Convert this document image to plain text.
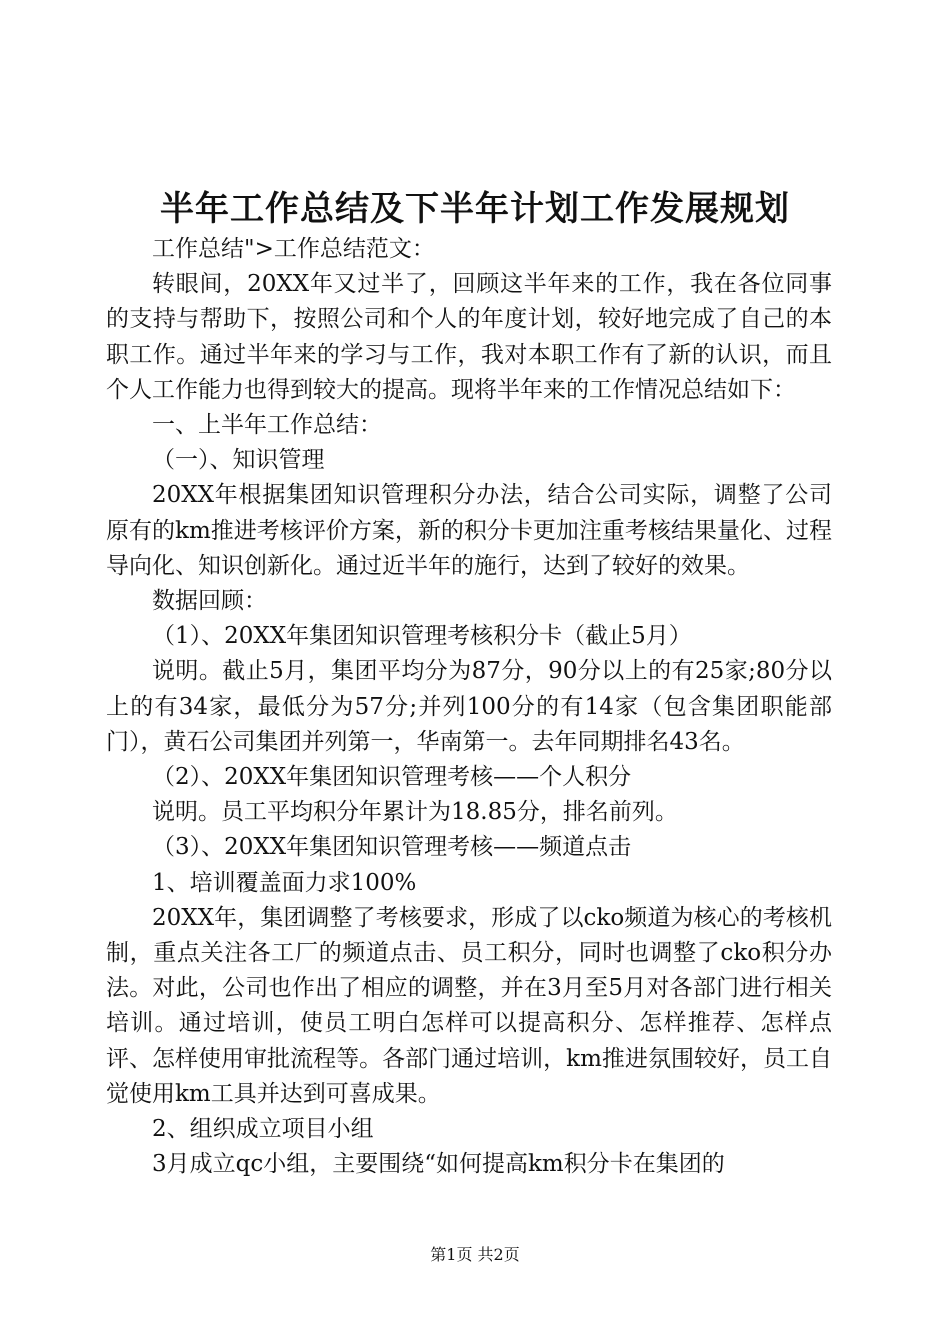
半年工作总结及下半年计划工作发展规划

工作总结">工作总结范文：

转眼间，20XX年又过半了，回顾这半年来的工作，我在各位同事的支持与帮助下，按照公司和个人的年度计划，较好地完成了自己的本职工作。通过半年来的学习与工作，我对本职工作有了新的认识，而且个人工作能力也得到较大的提高。现将半年来的工作情况总结如下：

一、上半年工作总结：

（一）、知识管理

20XX年根据集团知识管理积分办法，结合公司实际，调整了公司原有的km推进考核评价方案，新的积分卡更加注重考核结果量化、过程导向化、知识创新化。通过近半年的施行，达到了较好的效果。

数据回顾：

（1）、20XX年集团知识管理考核积分卡（截止5月）

说明。截止5月，集团平均分为87分，90分以上的有25家;80分以上的有34家，最低分为57分;并列100分的有14家（包含集团职能部门），黄石公司集团并列第一，华南第一。去年同期排名43名。

（2）、20XX年集团知识管理考核——个人积分

说明。员工平均积分年累计为18.85分，排名前列。

（3）、20XX年集团知识管理考核——频道点击

1、培训覆盖面力求100%

20XX年，集团调整了考核要求，形成了以cko频道为核心的考核机制，重点关注各工厂的频道点击、员工积分，同时也调整了cko积分办法。对此，公司也作出了相应的调整，并在3月至5月对各部门进行相关培训。通过培训，使员工明白怎样可以提高积分、怎样推荐、怎样点评、怎样使用审批流程等。各部门通过培训，km推进氛围较好，员工自觉使用km工具并达到可喜成果。

2、组织成立项目小组

3月成立qc小组，主要围绕“如何提高km积分卡在集团的

第1页 共2页
